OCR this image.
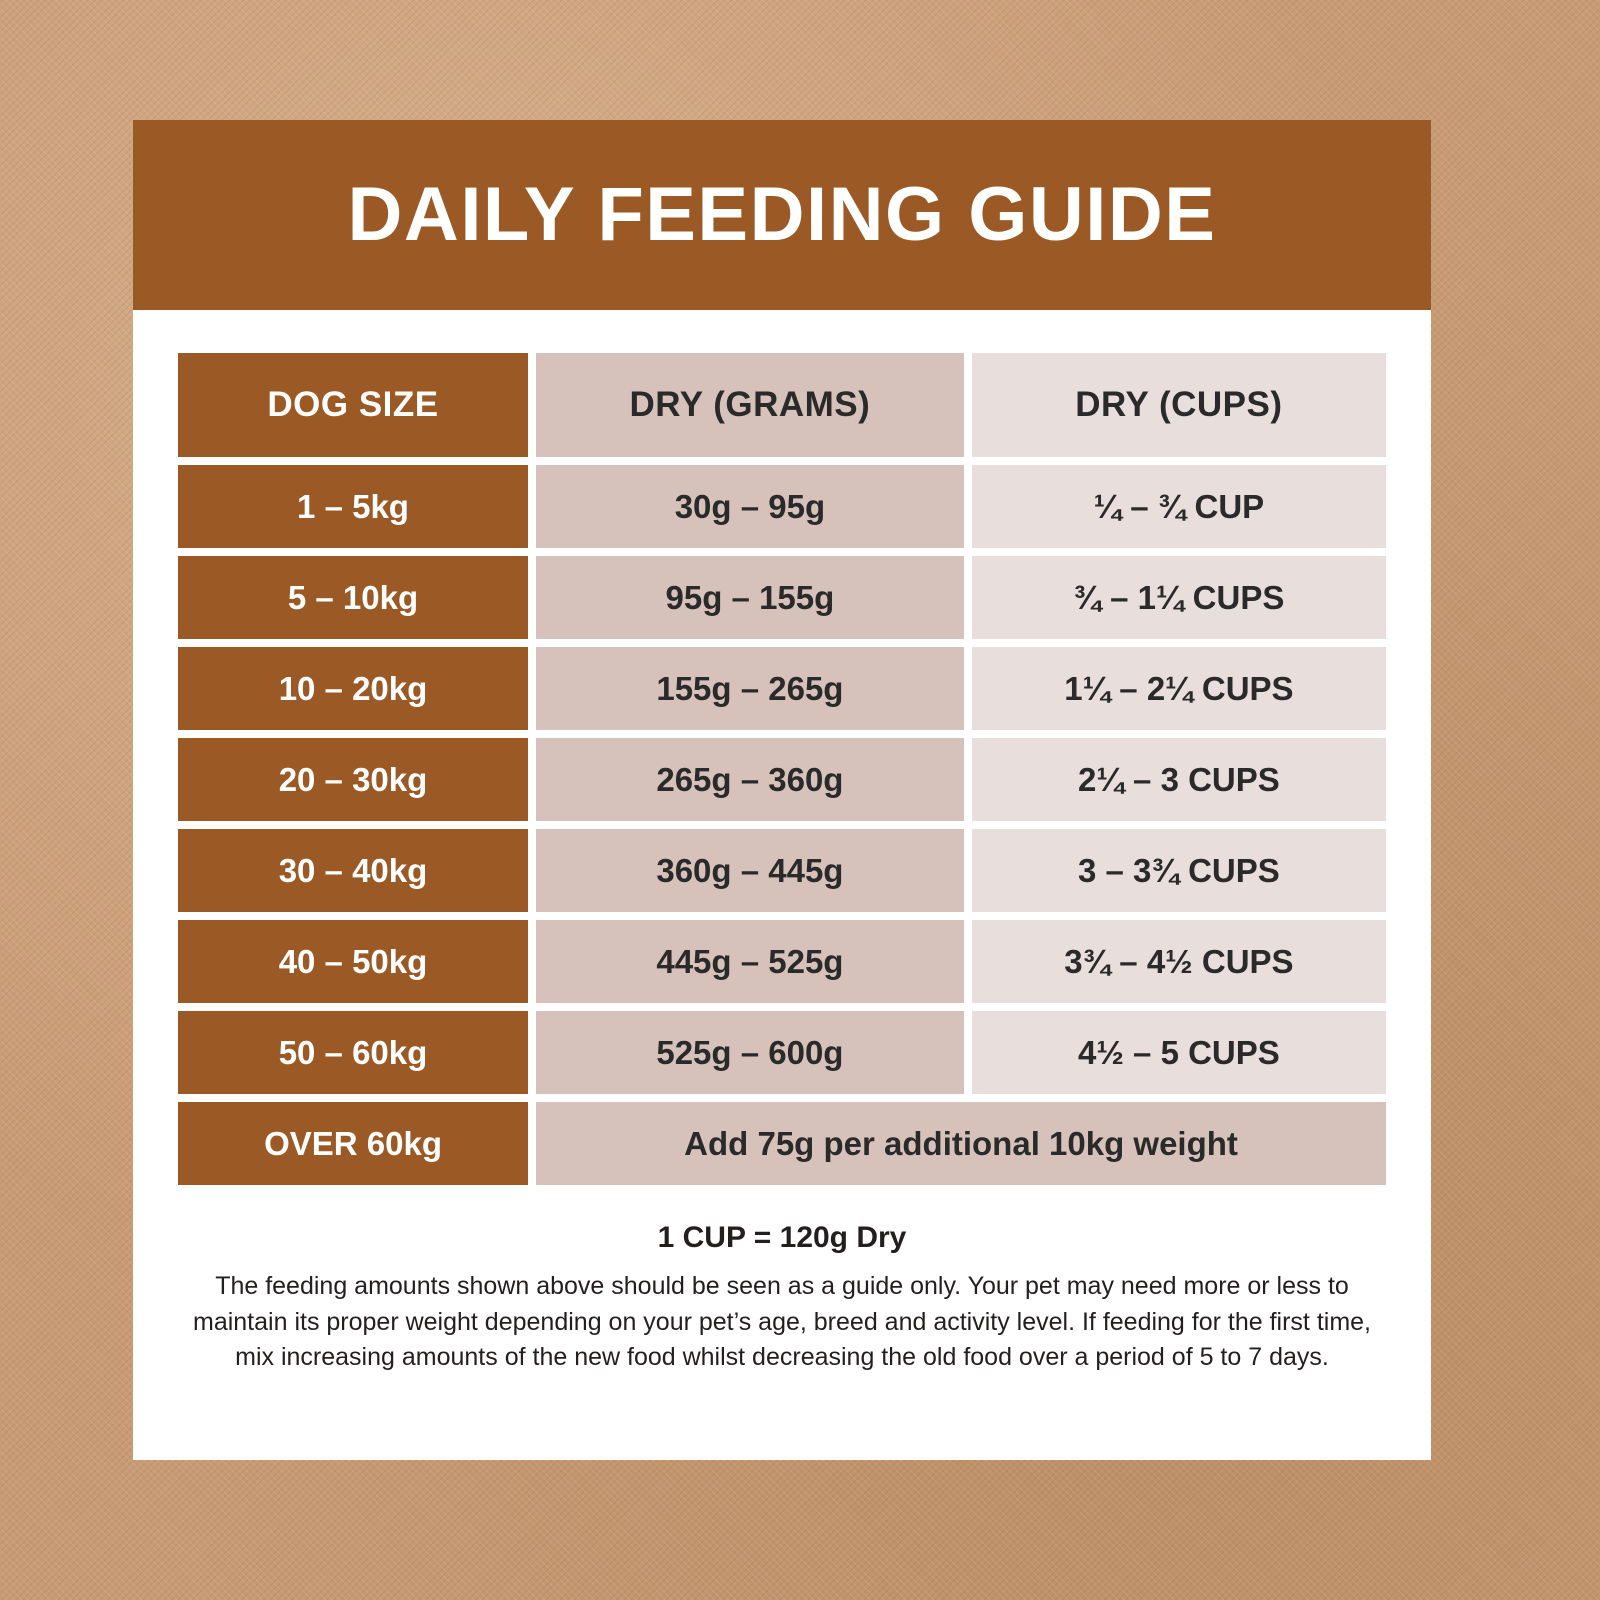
DAILY FEEDING GUIDE
DOG SIZE	DRY (GRAMS)	DRY (CUPS)
1 – 5kg	30g – 95g	¼ – ¾ CUP
5 – 10kg	95g – 155g	¾ – 1¼ CUPS
10 – 20kg	155g – 265g	1¼ – 2¼ CUPS
20 – 30kg	265g – 360g	2¼ – 3 CUPS
30 – 40kg	360g – 445g	3 – 3¾ CUPS
40 – 50kg	445g – 525g	3¾ – 4½ CUPS
50 – 60kg	525g – 600g	4½ – 5 CUPS
OVER 60kg	Add 75g per additional 10kg weight
1 CUP = 120g Dry
The feeding amounts shown above should be seen as a guide only. Your pet may need more or less to maintain its proper weight depending on your pet’s age, breed and activity level. If feeding for the first time, mix increasing amounts of the new food whilst decreasing the old food over a period of 5 to 7 days.
